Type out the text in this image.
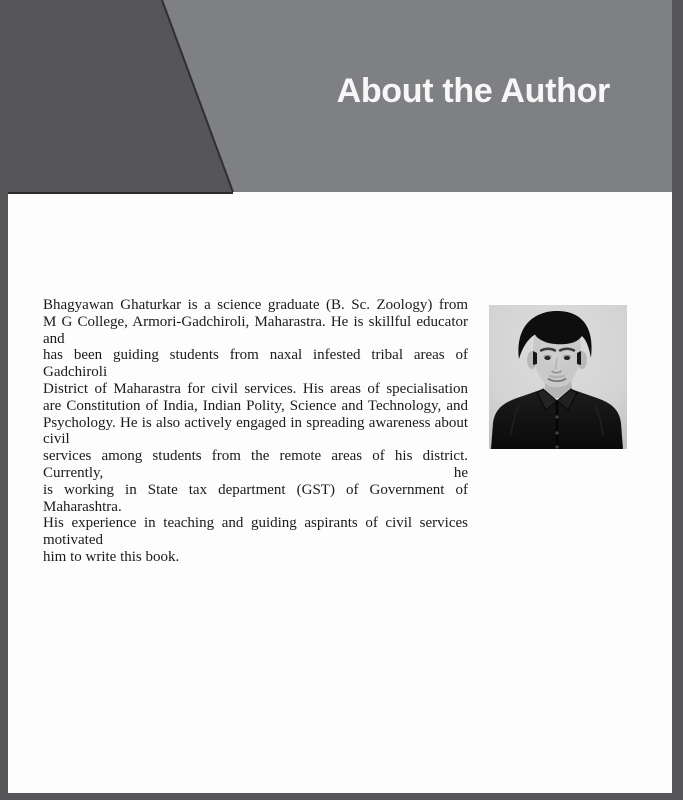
About the Author
Bhagyawan Ghaturkar is a science graduate (B. Sc. Zoology) from
M G College, Armori-Gadchiroli, Maharastra. He is skillful educator and
has been guiding students from naxal infested tribal areas of Gadchiroli
District of Maharastra for civil services. His areas of specialisation
are Constitution of India, Indian Polity, Science and Technology, and
Psychology. He is also actively engaged in spreading awareness about civil
services among students from the remote areas of his district. Currently, he
is working in State tax department (GST) of Government of Maharashtra.
His experience in teaching and guiding aspirants of civil services motivated
him to write this book.
